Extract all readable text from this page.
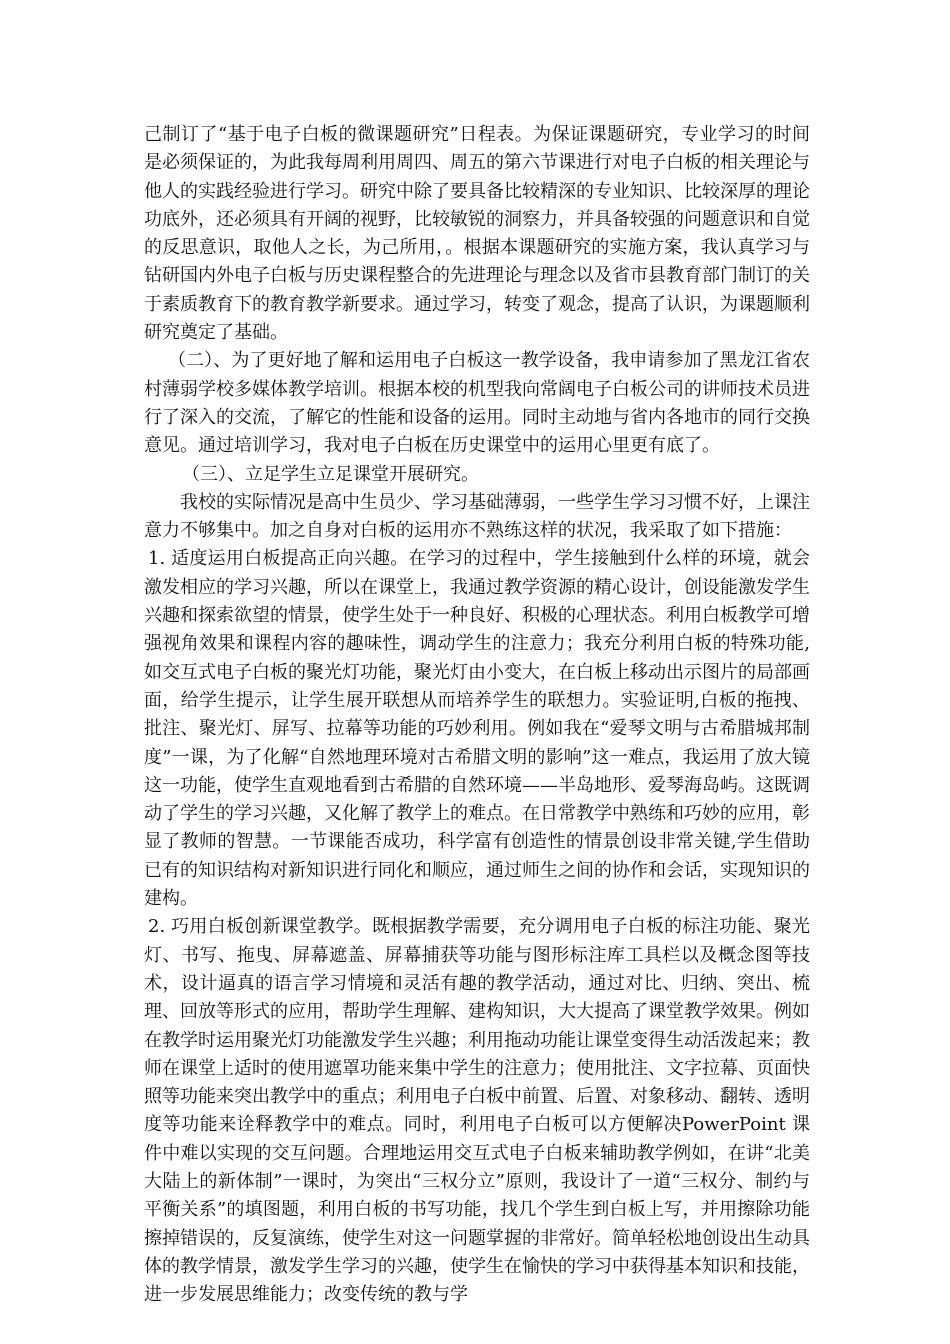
己制订了“基于电子白板的微课题研究”日程表。为保证课题研究，专业学习的时间是必须保证的，为此我每周利用周四、周五的第六节课进行对电子白板的相关理论与他人的实践经验进行学习。研究中除了要具备比较精深的专业知识、比较深厚的理论功底外，还必须具有开阔的视野，比较敏锐的洞察力，并具备较强的问题意识和自觉的反思意识，取他人之长，为己所用，。根据本课题研究的实施方案，我认真学习与钻研国内外电子白板与历史课程整合的先进理论与理念以及省市县教育部门制订的关于素质教育下的教育教学新要求。通过学习，转变了观念，提高了认识，为课题顺利研究奠定了基础。

（二）、为了更好地了解和运用电子白板这一教学设备，我申请参加了黑龙江省农村薄弱学校多媒体教学培训。根据本校的机型我向常阔电子白板公司的讲师技术员进行了深入的交流，了解它的性能和设备的运用。同时主动地与省内各地市的同行交换意见。通过培训学习，我对电子白板在历史课堂中的运用心里更有底了。

（三）、立足学生立足课堂开展研究。

我校的实际情况是高中生员少、学习基础薄弱，一些学生学习习惯不好，上课注意力不够集中。加之自身对白板的运用亦不熟练这样的状况，我采取了如下措施：

1. 适度运用白板提高正向兴趣。在学习的过程中，学生接触到什么样的环境，就会激发相应的学习兴趣，所以在课堂上，我通过教学资源的精心设计，创设能激发学生兴趣和探索欲望的情景，使学生处于一种良好、积极的心理状态。利用白板教学可增强视角效果和课程内容的趣味性，调动学生的注意力；我充分利用白板的特殊功能,如交互式电子白板的聚光灯功能，聚光灯由小变大，在白板上移动出示图片的局部画面，给学生提示，让学生展开联想从而培养学生的联想力。实验证明,白板的拖拽、批注、聚光灯、屏写、拉幕等功能的巧妙利用。例如我在“爱琴文明与古希腊城邦制度”一课，为了化解“自然地理环境对古希腊文明的影响”这一难点，我运用了放大镜这一功能，使学生直观地看到古希腊的自然环境——半岛地形、爱琴海岛屿。这既调动了学生的学习兴趣，又化解了教学上的难点。在日常教学中熟练和巧妙的应用，彰显了教师的智慧。一节课能否成功，科学富有创造性的情景创设非常关键,学生借助已有的知识结构对新知识进行同化和顺应，通过师生之间的协作和会话，实现知识的建构。

2. 巧用白板创新课堂教学。既根据教学需要，充分调用电子白板的标注功能、聚光灯、书写、拖曳、屏幕遮盖、屏幕捕获等功能与图形标注库工具栏以及概念图等技术，设计逼真的语言学习情境和灵活有趣的教学活动，通过对比、归纳、突出、梳理、回放等形式的应用，帮助学生理解、建构知识，大大提高了课堂教学效果。例如在教学时运用聚光灯功能激发学生兴趣；利用拖动功能让课堂变得生动活泼起来；教师在课堂上适时的使用遮罩功能来集中学生的注意力；使用批注、文字拉幕、页面快照等功能来突出教学中的重点；利用电子白板中前置、后置、对象移动、翻转、透明度等功能来诠释教学中的难点。同时，利用电子白板可以方便解决PowerPoint 课件中难以实现的交互问题。合理地运用交互式电子白板来辅助教学例如，在讲“北美大陆上的新体制”一课时，为突出“三权分立”原则，我设计了一道“三权分、制约与平衡关系”的填图题，利用白板的书写功能，找几个学生到白板上写，并用擦除功能擦掉错误的，反复演练，使学生对这一问题掌握的非常好。简单轻松地创设出生动具体的教学情景，激发学生学习的兴趣，使学生在愉快的学习中获得基本知识和技能，进一步发展思维能力；改变传统的教与学
